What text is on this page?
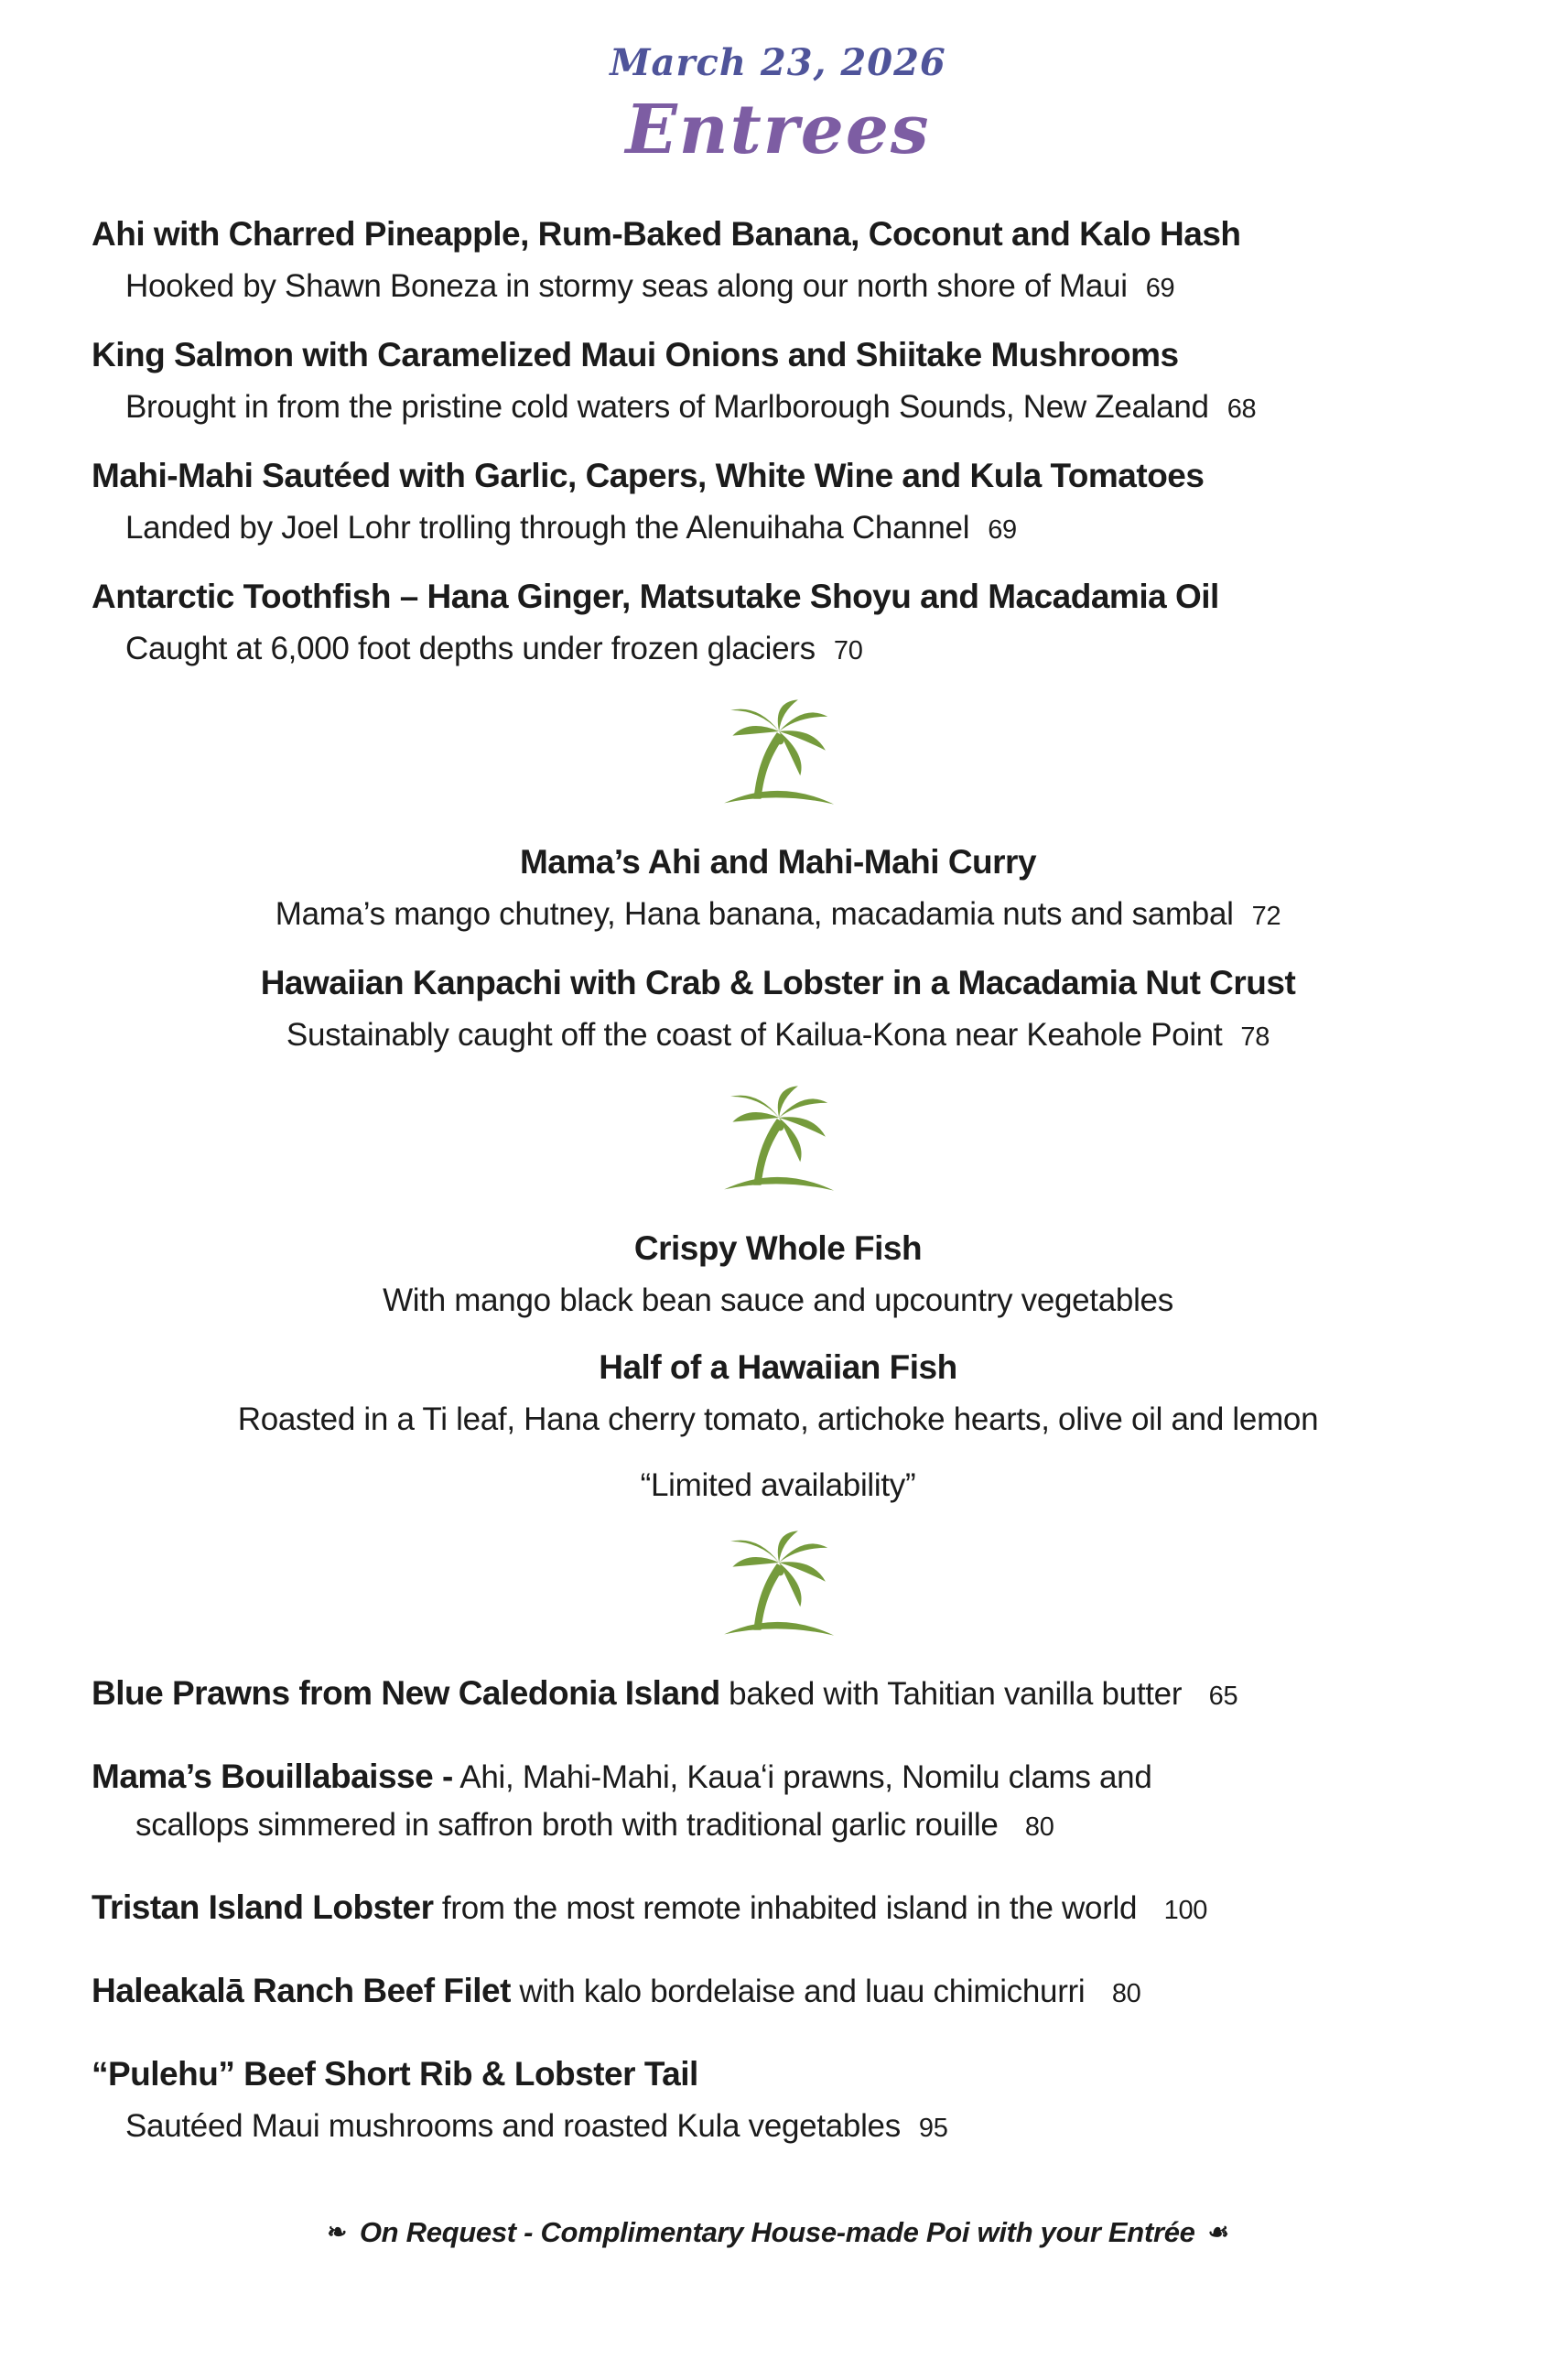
March 23, 2026
Entrees
Ahi with Charred Pineapple, Rum-Baked Banana, Coconut and Kalo Hash
Hooked by Shawn Boneza in stormy seas along our north shore of Maui 69
King Salmon with Caramelized Maui Onions and Shiitake Mushrooms
Brought in from the pristine cold waters of Marlborough Sounds, New Zealand 68
Mahi-Mahi Sautéed with Garlic, Capers, White Wine and Kula Tomatoes
Landed by Joel Lohr trolling through the Alenuihaha Channel 69
Antarctic Toothfish – Hana Ginger, Matsutake Shoyu and Macadamia Oil
Caught at 6,000 foot depths under frozen glaciers 70
Mama’s Ahi and Mahi-Mahi Curry
Mama’s mango chutney, Hana banana, macadamia nuts and sambal 72
Hawaiian Kanpachi with Crab & Lobster in a Macadamia Nut Crust
Sustainably caught off the coast of Kailua-Kona near Keahole Point 78
Crispy Whole Fish
With mango black bean sauce and upcountry vegetables
Half of a Hawaiian Fish
Roasted in a Ti leaf, Hana cherry tomato, artichoke hearts, olive oil and lemon
“Limited availability”
Blue Prawns from New Caledonia Island baked with Tahitian vanilla butter 65
Mama’s Bouillabaisse - Ahi, Mahi-Mahi, Kauaʻi prawns, Nomilu clams and
scallops simmered in saffron broth with traditional garlic rouille 80
Tristan Island Lobster from the most remote inhabited island in the world 100
Haleakalā Ranch Beef Filet with kalo bordelaise and luau chimichurri 80
“Pulehu” Beef Short Rib & Lobster Tail
Sautéed Maui mushrooms and roasted Kula vegetables 95
❧ On Request - Complimentary House-made Poi with your Entrée ☙
